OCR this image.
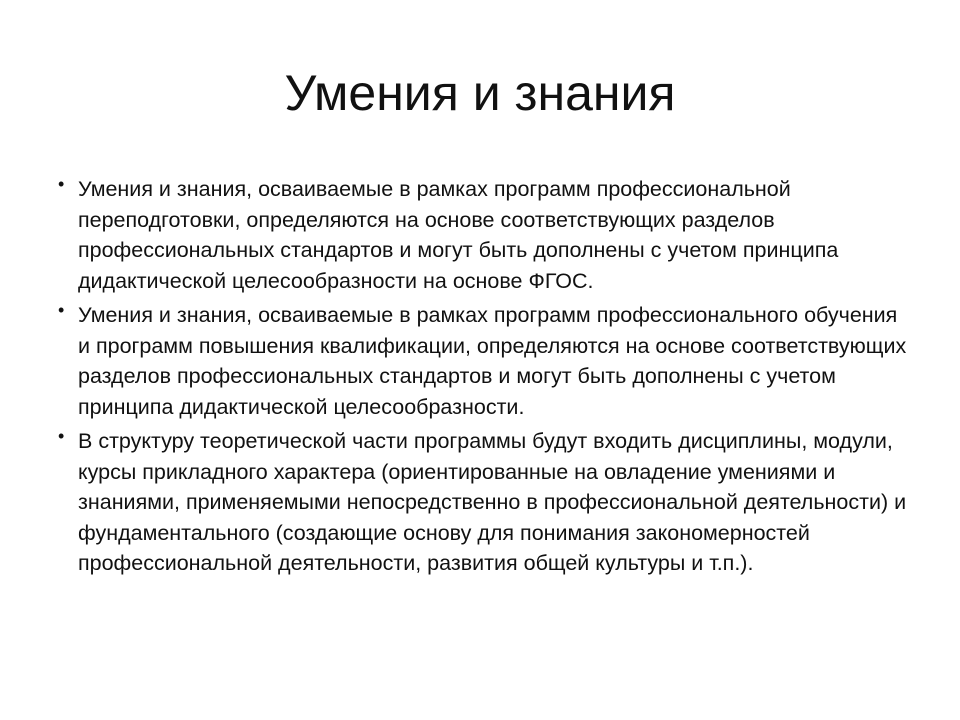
Умения и знания
• Умения и знания, осваиваемые в рамках программ профессиональной переподготовки, определяются на основе соответствующих разделов профессиональных стандартов и могут быть дополнены с учетом принципа дидактической целесообразности на основе ФГОС.
• Умения и знания, осваиваемые в рамках программ профессионального обучения и программ повышения квалификации, определяются на основе соответствующих разделов профессиональных стандартов и могут быть дополнены с учетом принципа дидактической целесообразности.
• В структуру теоретической части программы будут входить дисциплины, модули, курсы прикладного характера (ориентированные на овладение умениями и знаниями, применяемыми непосредственно в профессиональной деятельности) и фундаментального (создающие основу для понимания закономерностей профессиональной деятельности, развития общей культуры и т.п.).
